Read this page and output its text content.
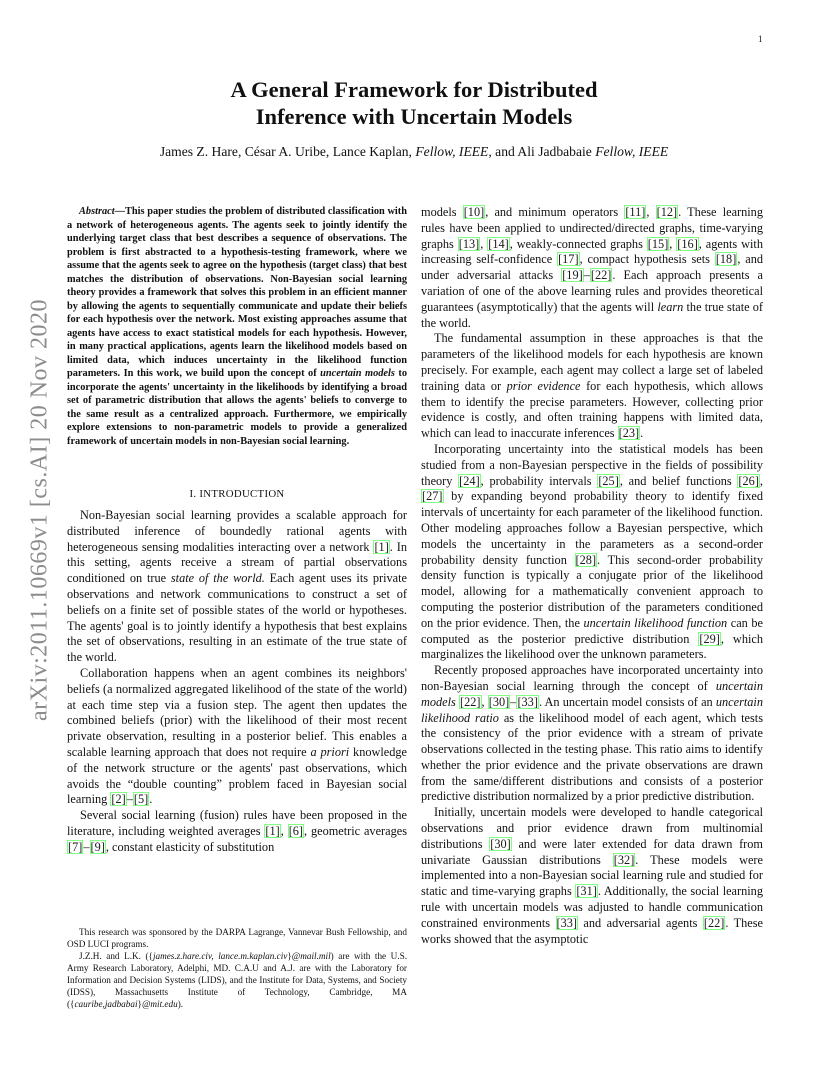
1
arXiv:2011.10669v1 [cs.AI] 20 Nov 2020
A General Framework for Distributed Inference with Uncertain Models
James Z. Hare, César A. Uribe, Lance Kaplan, Fellow, IEEE, and Ali Jadbabaie Fellow, IEEE

Abstract—This paper studies the problem of distributed classification with a network of heterogeneous agents. The agents seek to jointly identify the underlying target class that best describes a sequence of observations. The problem is first abstracted to a hypothesis-testing framework, where we assume that the agents seek to agree on the hypothesis (target class) that best matches the distribution of observations. Non-Bayesian social learning theory provides a framework that solves this problem in an efficient manner by allowing the agents to sequentially communicate and update their beliefs for each hypothesis over the network. Most existing approaches assume that agents have access to exact statistical models for each hypothesis. However, in many practical applications, agents learn the likelihood models based on limited data, which induces uncertainty in the likelihood function parameters. In this work, we build upon the concept of uncertain models to incorporate the agents' uncertainty in the likelihoods by identifying a broad set of parametric distribution that allows the agents' beliefs to converge to the same result as a centralized approach. Furthermore, we empirically explore extensions to non-parametric models to provide a generalized framework of uncertain models in non-Bayesian social learning.

I. INTRODUCTION

Non-Bayesian social learning provides a scalable approach for distributed inference of boundedly rational agents with heterogeneous sensing modalities interacting over a network [1]. In this setting, agents receive a stream of partial observations conditioned on true state of the world. Each agent uses its private observations and network communications to construct a set of beliefs on a finite set of possible states of the world or hypotheses. The agents' goal is to jointly identify a hypothesis that best explains the set of observations, resulting in an estimate of the true state of the world.

Collaboration happens when an agent combines its neighbors' beliefs (a normalized aggregated likelihood of the state of the world) at each time step via a fusion step. The agent then updates the combined beliefs (prior) with the likelihood of their most recent private observation, resulting in a posterior belief. This enables a scalable learning approach that does not require a priori knowledge of the network structure or the agents' past observations, which avoids the “double counting” problem faced in Bayesian social learning [2]–[5].

Several social learning (fusion) rules have been proposed in the literature, including weighted averages [1], [6], geometric averages [7]–[9], constant elasticity of substitution

This research was sponsored by the DARPA Lagrange, Vannevar Bush Fellowship, and OSD LUCI programs.

J.Z.H. and L.K. ({james.z.hare.civ, lance.m.kaplan.civ}@mail.mil) are with the U.S. Army Research Laboratory, Adelphi, MD. C.A.U and A.J. are with the Laboratory for Information and Decision Systems (LIDS), and the Institute for Data, Systems, and Society (IDSS), Massachusetts Institute of Technology, Cambridge, MA ({cauribe,jadbabai}@mit.edu).

models [10], and minimum operators [11], [12]. These learning rules have been applied to undirected/directed graphs, time-varying graphs [13], [14], weakly-connected graphs [15], [16], agents with increasing self-confidence [17], compact hypothesis sets [18], and under adversarial attacks [19]–[22]. Each approach presents a variation of one of the above learning rules and provides theoretical guarantees (asymptotically) that the agents will learn the true state of the world.

The fundamental assumption in these approaches is that the parameters of the likelihood models for each hypothesis are known precisely. For example, each agent may collect a large set of labeled training data or prior evidence for each hypothesis, which allows them to identify the precise parameters. However, collecting prior evidence is costly, and often training happens with limited data, which can lead to inaccurate inferences [23].

Incorporating uncertainty into the statistical models has been studied from a non-Bayesian perspective in the fields of possibility theory [24], probability intervals [25], and belief functions [26], [27] by expanding beyond probability theory to identify fixed intervals of uncertainty for each parameter of the likelihood function. Other modeling approaches follow a Bayesian perspective, which models the uncertainty in the parameters as a second-order probability density function [28]. This second-order probability density function is typically a conjugate prior of the likelihood model, allowing for a mathematically convenient approach to computing the posterior distribution of the parameters conditioned on the prior evidence. Then, the uncertain likelihood function can be computed as the posterior predictive distribution [29], which marginalizes the likelihood over the unknown parameters.

Recently proposed approaches have incorporated uncertainty into non-Bayesian social learning through the concept of uncertain models [22], [30]–[33]. An uncertain model consists of an uncertain likelihood ratio as the likelihood model of each agent, which tests the consistency of the prior evidence with a stream of private observations collected in the testing phase. This ratio aims to identify whether the prior evidence and the private observations are drawn from the same/different distributions and consists of a posterior predictive distribution normalized by a prior predictive distribution.

Initially, uncertain models were developed to handle categorical observations and prior evidence drawn from multinomial distributions [30] and were later extended for data drawn from univariate Gaussian distributions [32]. These models were implemented into a non-Bayesian social learning rule and studied for static and time-varying graphs [31]. Additionally, the social learning rule with uncertain models was adjusted to handle communication constrained environments [33] and adversarial agents [22]. These works showed that the asymptotic
